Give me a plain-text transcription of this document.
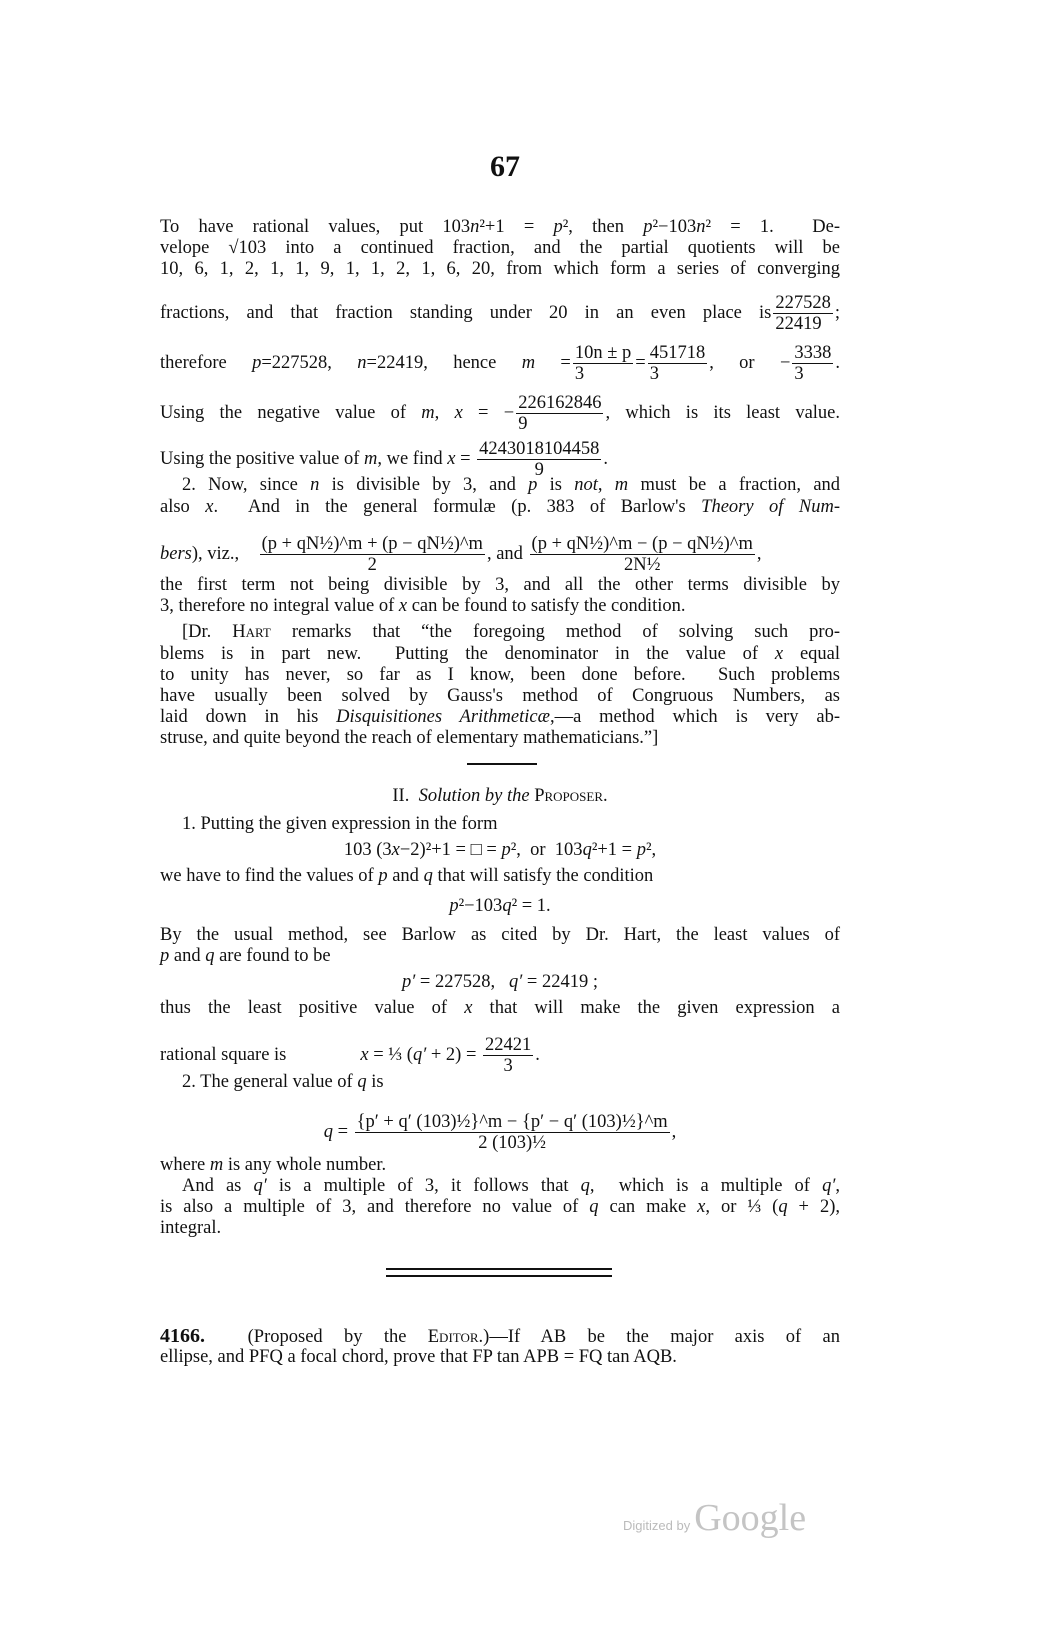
67
To have rational values, put 103n²+1 = p², then p²−103n² = 1.  De-
velope √103 into a continued fraction, and the partial quotients will be
10, 6, 1, 2, 1, 1, 9, 1, 1, 2, 1, 6, 20, from which form a series of converging
fractions, and that fraction standing under 20 in an even place is $\frac{227528}{22419}$ ;
therefore p=227528, n=22419, hence $m = \frac{10n \pm p}{3} = \frac{451718}{3}$ , or − $\frac{3338}{3}$ .
Using the negative value of m, x = − $\frac{226162846}{9}$ , which is its least value.
Using the positive value of m, we find $x = \frac{4243018104458}{9}$ .
2. Now, since n is divisible by 3, and p is not, m must be a fraction, and
also x.  And in the general formulæ (p. 383 of Barlow's Theory of Num-
bers), viz., $\frac{\text{(p + qN½)\textasciicircum{}m + (p − qN½)\textasciicircum{}m}}{2}$ , and $\frac{\text{(p + qN½)\textasciicircum{}m − (p − qN½)\textasciicircum{}m}}{\text{2N½}}$ ,
the first term not being divisible by 3, and all the other terms divisible by
3, therefore no integral value of x can be found to satisfy the condition.
[Dr. Hart remarks that “the foregoing method of solving such pro-
blems is in part new.  Putting the denominator in the value of x equal
to unity has never, so far as I know, been done before.  Such problems
have usually been solved by Gauss's method of Congruous Numbers, as
laid down in his Disquisitiones Arithmeticæ,—a method which is very ab-
struse, and quite beyond the reach of elementary mathematicians.”]
II.  Solution by the Proposer.
1. Putting the given expression in the form
103 (3x−2)²+1 = □ = p²,  or  103q²+1 = p²,
we have to find the values of p and q that will satisfy the condition
p²−103q² = 1.
By the usual method, see Barlow as cited by Dr. Hart, the least values of
p and q are found to be
p′ = 227528,   q′ = 22419 ;
thus the least positive value of x that will make the given expression a
rational square is                x = ⅓ $(q' + 2) = \frac{22421}{3}$ .
2. The general value of q is
$q = \frac{\text{\{p′ + q′ (103)½\}\textasciicircum{}m − \{p′ − q′ (103)½\}\textasciicircum{}m}}{\text{2 (103)½}}$ ,
where m is any whole number.
And as q′ is a multiple of 3, it follows that q,  which is a multiple of q′,
is also a multiple of 3, and therefore no value of q can make x, or ⅓ (q + 2),
integral.
4166.  (Proposed by the Editor.)—If AB be the major axis of an
ellipse, and PFQ a focal chord, prove that FP tan APB = FQ tan AQB.
Digitized by Google
